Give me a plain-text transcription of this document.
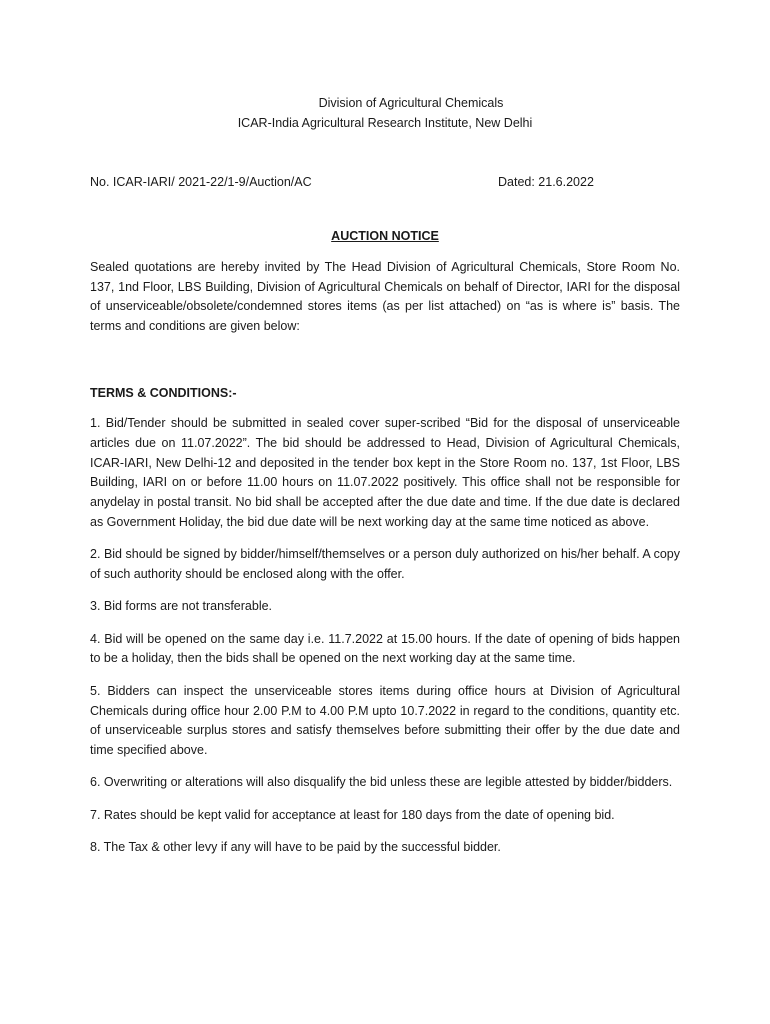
Division of Agricultural Chemicals
ICAR-India Agricultural Research Institute, New Delhi
No. ICAR-IARI/ 2021-22/1-9/Auction/AC	Dated: 21.6.2022
AUCTION NOTICE
Sealed quotations are hereby invited by The Head Division of Agricultural Chemicals, Store Room No. 137, 1nd Floor, LBS Building, Division of Agricultural Chemicals on behalf of Director, IARI for the disposal of unserviceable/obsolete/condemned stores items (as per list attached) on “as is where is” basis. The terms and conditions are given below:
TERMS & CONDITIONS:-
1. Bid/Tender should be submitted in sealed cover super-scribed “Bid for the disposal of unserviceable articles due on 11.07.2022”. The bid should be addressed to Head, Division of Agricultural Chemicals, ICAR-IARI, New Delhi-12 and deposited in the tender box kept in the Store Room no. 137, 1st Floor, LBS Building, IARI on or before 11.00 hours on 11.07.2022 positively. This office shall not be responsible for anydelay in postal transit. No bid shall be accepted after the due date and time. If the due date is declared as Government Holiday, the bid due date will be next working day at the same time noticed as above.
2. Bid should be signed by bidder/himself/themselves or a person duly authorized on his/her behalf. A copy of such authority should be enclosed along with the offer.
3. Bid forms are not transferable.
4. Bid will be opened on the same day i.e. 11.7.2022 at 15.00 hours. If the date of opening of bids happen to be a holiday, then the bids shall be opened on the next working day at the same time.
5. Bidders can inspect the unserviceable stores items during office hours at Division of Agricultural Chemicals during office hour 2.00 P.M to 4.00 P.M upto 10.7.2022 in regard to the conditions, quantity etc. of unserviceable surplus stores and satisfy themselves before submitting their offer by the due date and time specified above.
6. Overwriting or alterations will also disqualify the bid unless these are legible attested by bidder/bidders.
7. Rates should be kept valid for acceptance at least for 180 days from the date of opening bid.
8. The Tax & other levy if any will have to be paid by the successful bidder.
